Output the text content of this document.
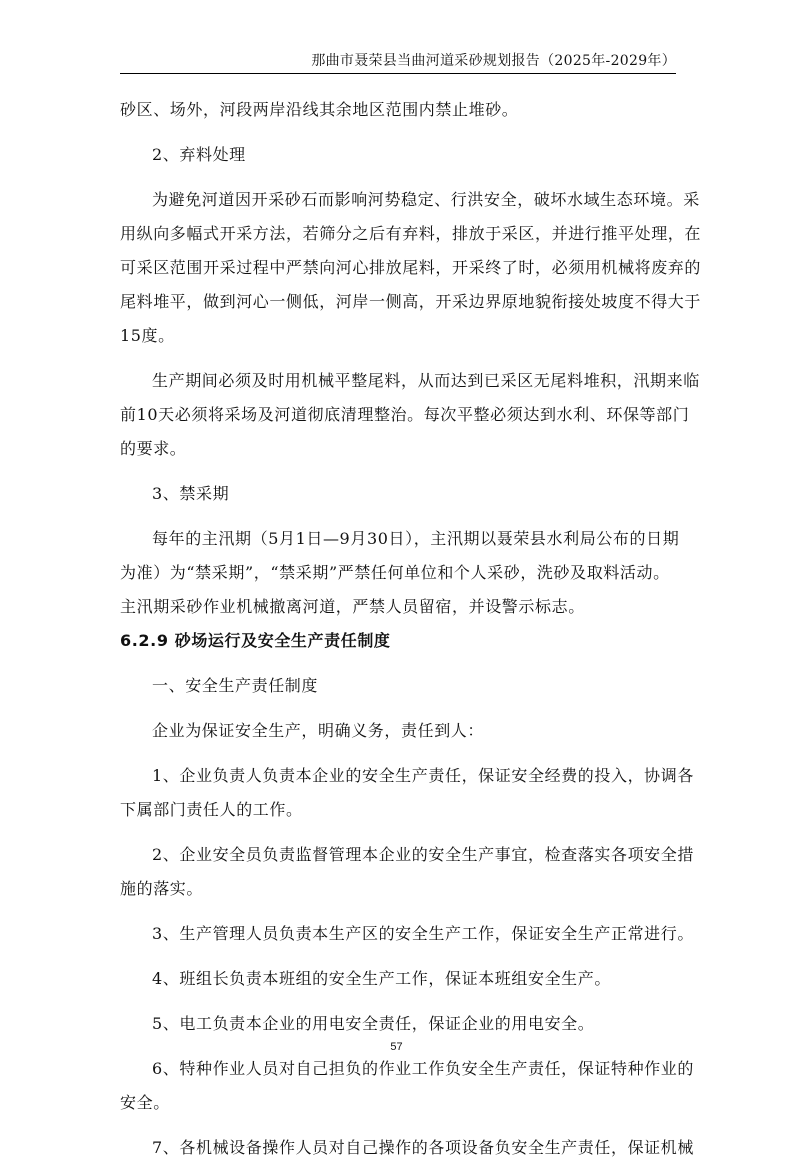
那曲市聂荣县当曲河道采砂规划报告（2025年-2029年）
砂区、场外，河段两岸沿线其余地区范围内禁止堆砂。
2、弃料处理
为避免河道因开采砂石而影响河势稳定、行洪安全，破坏水域生态环境。采
用纵向多幅式开采方法，若筛分之后有弃料，排放于采区，并进行推平处理，在
可采区范围开采过程中严禁向河心排放尾料，开采终了时，必须用机械将废弃的
尾料堆平，做到河心一侧低，河岸一侧高，开采边界原地貌衔接处坡度不得大于
15度。
生产期间必须及时用机械平整尾料，从而达到已采区无尾料堆积，汛期来临
前10天必须将采场及河道彻底清理整治。每次平整必须达到水利、环保等部门
的要求。
3、禁采期
每年的主汛期（5月1日—9月30日），主汛期以聂荣县水利局公布的日期
为准）为“禁采期”，“禁采期”严禁任何单位和个人采砂，洗砂及取料活动。
主汛期采砂作业机械撤离河道，严禁人员留宿，并设警示标志。
6.2.9 砂场运行及安全生产责任制度
一、安全生产责任制度
企业为保证安全生产，明确义务，责任到人：
1、企业负责人负责本企业的安全生产责任，保证安全经费的投入，协调各
下属部门责任人的工作。
2、企业安全员负责监督管理本企业的安全生产事宜，检查落实各项安全措
施的落实。
3、生产管理人员负责本生产区的安全生产工作，保证安全生产正常进行。
4、班组长负责本班组的安全生产工作，保证本班组安全生产。
5、电工负责本企业的用电安全责任，保证企业的用电安全。
6、特种作业人员对自己担负的作业工作负安全生产责任，保证特种作业的
安全。
7、各机械设备操作人员对自己操作的各项设备负安全生产责任，保证机械
57
